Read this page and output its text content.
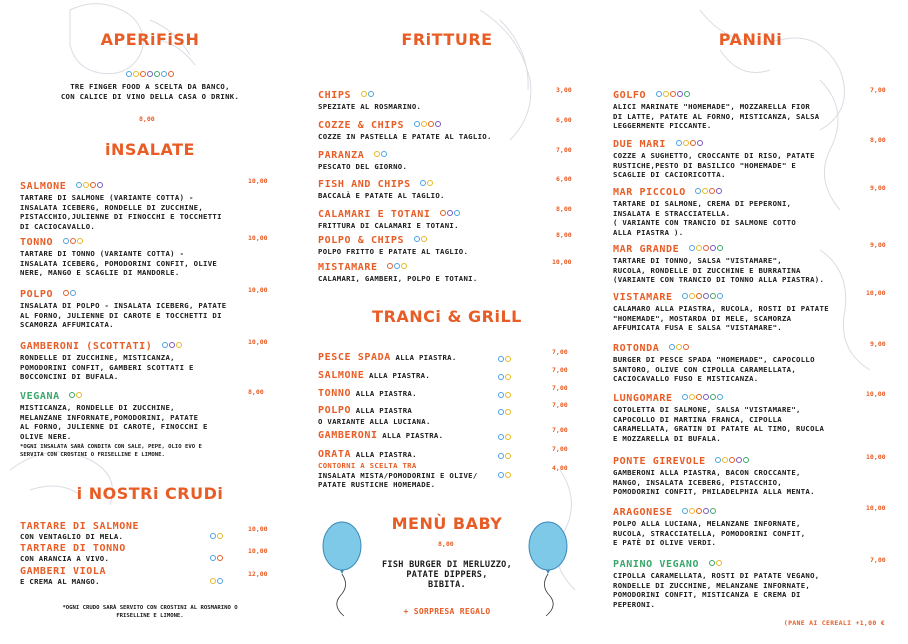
APERiFiSH
TRE FINGER FOOD A SCELTA DA BANCO,
CON CALICE DI VINO DELLA CASA O DRINK.
8,00
iNSALATE
SALMONE
TARTARE DI SALMONE (VARIANTE COTTA) -
INSALATA ICEBERG, RONDELLE DI ZUCCHINE,
PISTACCHIO,JULIENNE DI FINOCCHI E TOCCHETTI
DI CACIOCAVALLO.
10,00
TONNO
TARTARE DI TONNO (VARIANTE COTTA) -
INSALATA ICEBERG, POMODORINI CONFIT, OLIVE
NERE, MANGO E SCAGLIE DI MANDORLE.
10,00
POLPO
INSALATA DI POLPO - INSALATA ICEBERG, PATATE
AL FORNO, JULIENNE DI CAROTE E TOCCHETTI DI
SCAMORZA AFFUMICATA.
10,00
GAMBERONI (SCOTTATI)
RONDELLE DI ZUCCHINE, MISTICANZA,
POMODORINI CONFIT, GAMBERI SCOTTATI E
BOCCONCINI DI BUFALA.
10,00
VEGANA
MISTICANZA, RONDELLE DI ZUCCHINE,
MELANZANE INFORNATE,POMODORINI, PATATE
AL FORNO, JULIENNE DI CAROTE, FINOCCHI E
OLIVE NERE.
8,00
*OGNI INSALATA SARÀ CONDITA CON SALE, PEPE, OLIO EVO E
SERVITA CON CROSTINI O FRISELLINE E LIMONE.
i NOSTRi CRUDi
TARTARE DI SALMONE
CON VENTAGLIO DI MELA.
10,00
TARTARE DI TONNO
CON ARANCIA A VIVO.
10,00
GAMBERI VIOLA
E CREMA AL MANGO.
12,00
*OGNI CRUDO SARÀ SERVITO CON CROSTINI AL ROSMARINO O
FRISELLINE E LIMONE.
FRiTTURE
CHIPS
SPEZIATE AL ROSMARINO.
3,00
COZZE & CHIPS
COZZE IN PASTELLA E PATATE AL TAGLIO.
6,00
PARANZA
PESCATO DEL GIORNO.
7,00
FISH AND CHIPS
BACCALÀ E PATATE AL TAGLIO.
6,00
CALAMARI E TOTANI
FRITTURA DI CALAMARI E TOTANI.
8,00
POLPO & CHIPS
POLPO FRITTO E PATATE AL TAGLIO.
8,00
MISTAMARE
CALAMARI, GAMBERI, POLPO E TOTANI.
10,00
TRANCi & GRiLL
PESCE SPADA ALLA PIASTRA.
7,00
SALMONE ALLA PIASTRA.
7,00
TONNO ALLA PIASTRA.
7,00
POLPO ALLA PIASTRA
O VARIANTE ALLA LUCIANA.
7,00
GAMBERONI ALLA PIASTRA.
7,00
ORATA ALLA PIASTRA.
7,00
CONTORNI A SCELTA TRA
INSALATA MISTA/POMODORINI E OLIVE/
PATATE RUSTICHE HOMEMADE.
4,00
MENÙ BABY
8,00
FISH BURGER DI MERLUZZO,
PATATE DIPPERS,
BIBITA.
+ SORPRESA REGALO
PANiNi
GOLFO
ALICI MARINATE "HOMEMADE", MOZZARELLA FIOR
DI LATTE, PATATE AL FORNO, MISTICANZA, SALSA
LEGGERMENTE PICCANTE.
7,00
DUE MARI
COZZE A SUGHETTO, CROCCANTE DI RISO, PATATE
RUSTICHE,PESTO DI BASILICO "HOMEMADE" E
SCAGLIE DI CACIORICOTTA.
8,00
MAR PICCOLO
TARTARE DI SALMONE, CREMA DI PEPERONI,
INSALATA E STRACCIATELLA.
( VARIANTE CON TRANCIO DI SALMONE COTTO
ALLA PIASTRA ).
9,00
MAR GRANDE
TARTARE DI TONNO, SALSA "VISTAMARE",
RUCOLA, RONDELLE DI ZUCCHINE E BURRATINA
(VARIANTE CON TRANCIO DI TONNO ALLA PIASTRA).
9,00
VISTAMARE
CALAMARO ALLA PIASTRA, RUCOLA, ROSTI DI PATATE
"HOMEMADE", MOSTARDA DI MELE, SCAMORZA
AFFUMICATA FUSA E SALSA "VISTAMARE".
10,00
ROTONDA
BURGER DI PESCE SPADA "HOMEMADE", CAPOCOLLO
SANTORO, OLIVE CON CIPOLLA CARAMELLATA,
CACIOCAVALLO FUSO E MISTICANZA.
9,00
LUNGOMARE
COTOLETTA DI SALMONE, SALSA "VISTAMARE",
CAPOCOLLO DI MARTINA FRANCA, CIPOLLA
CARAMELLATA, GRATIN DI PATATE AL TIMO, RUCOLA
E MOZZARELLA DI BUFALA.
10,00
PONTE GIREVOLE
GAMBERONI ALLA PIASTRA, BACON CROCCANTE,
MANGO, INSALATA ICEBERG, PISTACCHIO,
POMODORINI CONFIT, PHILADELPHIA ALLA MENTA.
10,00
ARAGONESE
POLPO ALLA LUCIANA, MELANZANE INFORNATE,
RUCOLA, STRACCIATELLA, POMODORINI CONFIT,
E PATÈ DI OLIVE VERDI.
10,00
PANINO VEGANO
CIPOLLA CARAMELLATA, ROSTI DI PATATE VEGANO,
RONDELLE DI ZUCCHINE, MELANZANE INFORNATE,
POMODORINI CONFIT, MISTICANZA E CREMA DI
PEPERONI.
7,00
(PANE AI CEREALI +1,00 €
